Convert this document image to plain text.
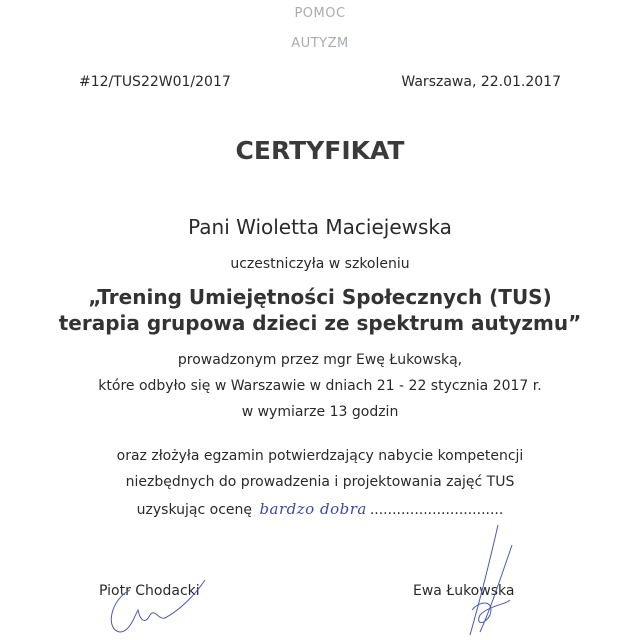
POMOC
AUTYZM
#12/TUS22W01/2017	Warszawa, 22.01.2017
CERTYFIKAT
Pani Wioletta Maciejewska
uczestniczyła w szkoleniu
„Trening Umiejętności Społecznych (TUS)
terapia grupowa dzieci ze spektrum autyzmu”
prowadzonym przez mgr Ewę Łukowską,
które odbyło się w Warszawie w dniach 21 - 22 stycznia 2017 r.
w wymiarze 13 godzin
oraz złożyła egzamin potwierdzający nabycie kompetencji
niezbędnych do prowadzenia i projektowania zajęć TUS
uzyskując ocenę bardzo dobra ..............................
Piotr Chodacki	Ewa Łukowska
